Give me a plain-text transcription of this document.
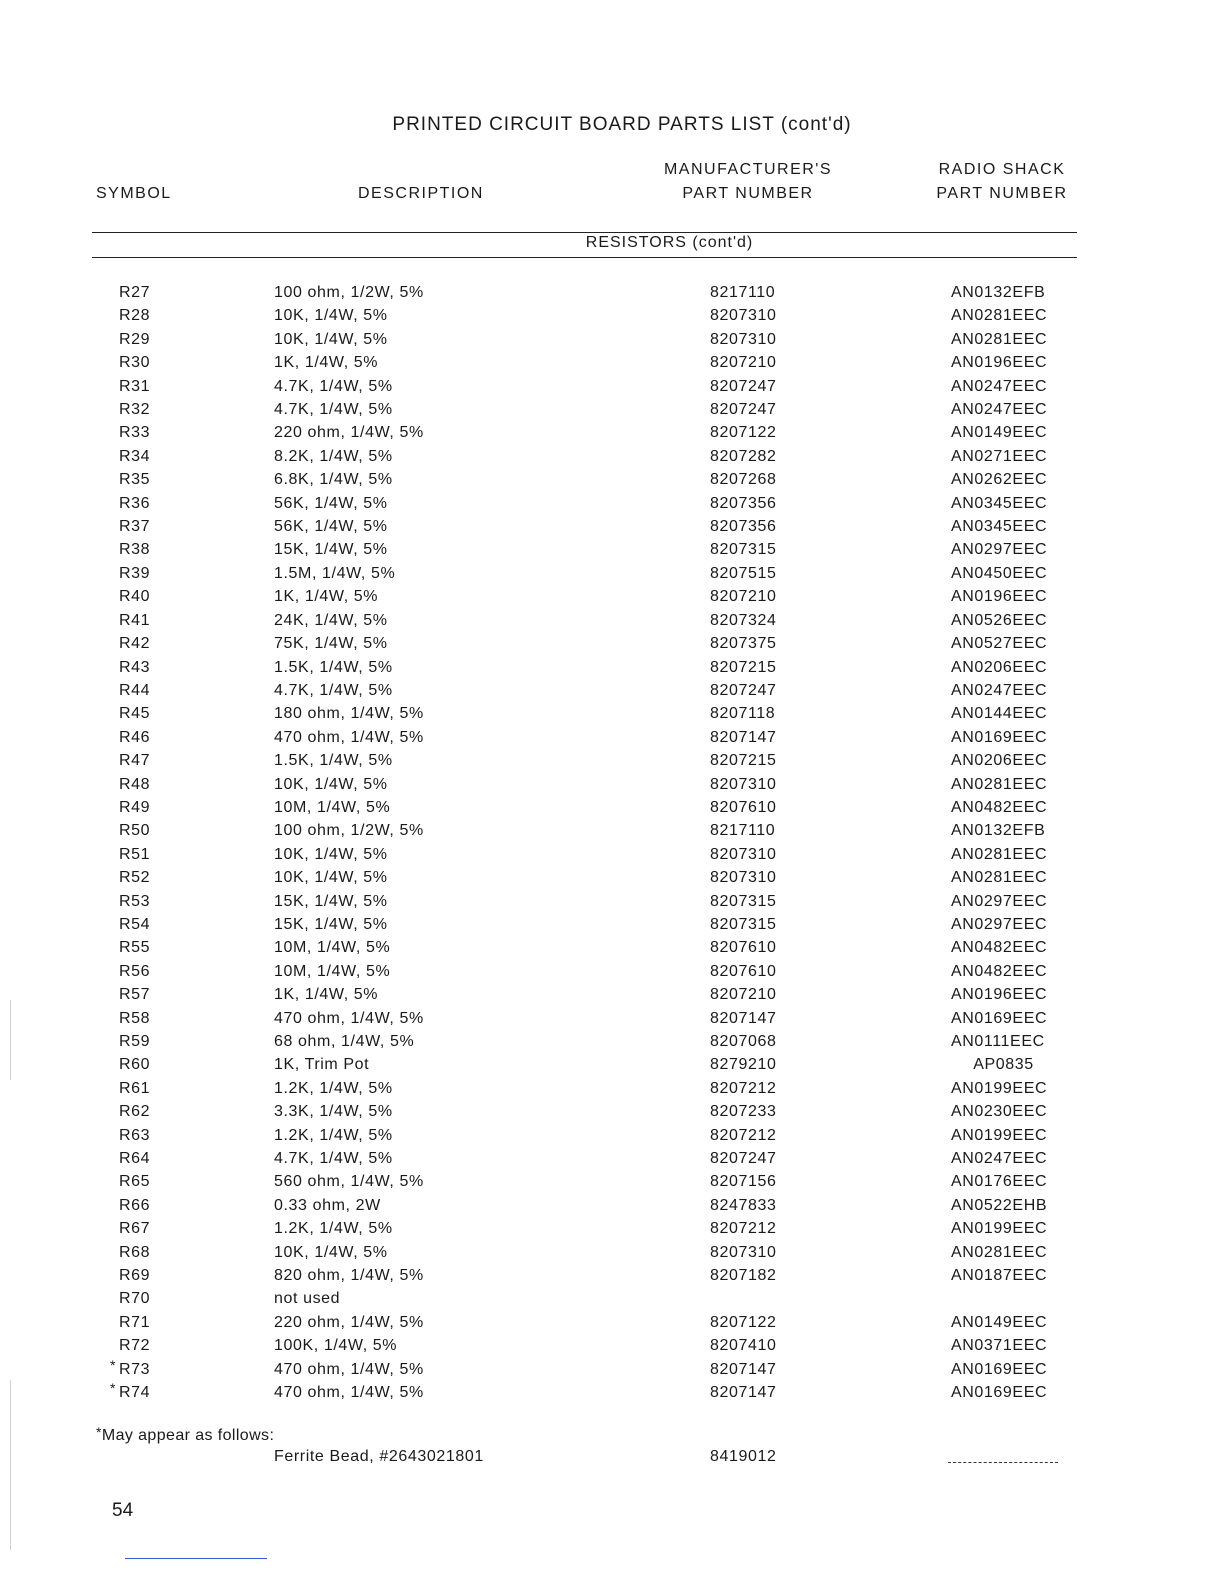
PRINTED CIRCUIT BOARD PARTS LIST (cont'd)
SYMBOL	DESCRIPTION
MANUFACTURER'S
PART NUMBER
RADIO SHACK
PART NUMBER
RESISTORS (cont'd)
R27	100 ohm, 1/2W, 5%	8217110	AN0132EFB
R28	10K, 1/4W, 5%	8207310	AN0281EEC
R29	10K, 1/4W, 5%	8207310	AN0281EEC
R30	1K, 1/4W, 5%	8207210	AN0196EEC
R31	4.7K, 1/4W, 5%	8207247	AN0247EEC
R32	4.7K, 1/4W, 5%	8207247	AN0247EEC
R33	220 ohm, 1/4W, 5%	8207122	AN0149EEC
R34	8.2K, 1/4W, 5%	8207282	AN0271EEC
R35	6.8K, 1/4W, 5%	8207268	AN0262EEC
R36	56K, 1/4W, 5%	8207356	AN0345EEC
R37	56K, 1/4W, 5%	8207356	AN0345EEC
R38	15K, 1/4W, 5%	8207315	AN0297EEC
R39	1.5M, 1/4W, 5%	8207515	AN0450EEC
R40	1K, 1/4W, 5%	8207210	AN0196EEC
R41	24K, 1/4W, 5%	8207324	AN0526EEC
R42	75K, 1/4W, 5%	8207375	AN0527EEC
R43	1.5K, 1/4W, 5%	8207215	AN0206EEC
R44	4.7K, 1/4W, 5%	8207247	AN0247EEC
R45	180 ohm, 1/4W, 5%	8207118	AN0144EEC
R46	470 ohm, 1/4W, 5%	8207147	AN0169EEC
R47	1.5K, 1/4W, 5%	8207215	AN0206EEC
R48	10K, 1/4W, 5%	8207310	AN0281EEC
R49	10M, 1/4W, 5%	8207610	AN0482EEC
R50	100 ohm, 1/2W, 5%	8217110	AN0132EFB
R51	10K, 1/4W, 5%	8207310	AN0281EEC
R52	10K, 1/4W, 5%	8207310	AN0281EEC
R53	15K, 1/4W, 5%	8207315	AN0297EEC
R54	15K, 1/4W, 5%	8207315	AN0297EEC
R55	10M, 1/4W, 5%	8207610	AN0482EEC
R56	10M, 1/4W, 5%	8207610	AN0482EEC
R57	1K, 1/4W, 5%	8207210	AN0196EEC
R58	470 ohm, 1/4W, 5%	8207147	AN0169EEC
R59	68 ohm, 1/4W, 5%	8207068	AN0111EEC
R60	1K, Trim Pot	8279210	AP0835
R61	1.2K, 1/4W, 5%	8207212	AN0199EEC
R62	3.3K, 1/4W, 5%	8207233	AN0230EEC
R63	1.2K, 1/4W, 5%	8207212	AN0199EEC
R64	4.7K, 1/4W, 5%	8207247	AN0247EEC
R65	560 ohm, 1/4W, 5%	8207156	AN0176EEC
R66	0.33 ohm, 2W	8247833	AN0522EHB
R67	1.2K, 1/4W, 5%	8207212	AN0199EEC
R68	10K, 1/4W, 5%	8207310	AN0281EEC
R69	820 ohm, 1/4W, 5%	8207182	AN0187EEC
R70	not used
R71	220 ohm, 1/4W, 5%	8207122	AN0149EEC
R72	100K, 1/4W, 5%	8207410	AN0371EEC
* R73	470 ohm, 1/4W, 5%	8207147	AN0169EEC
* R74	470 ohm, 1/4W, 5%	8207147	AN0169EEC
*May appear as follows:
Ferrite Bead, #2643021801	8419012
54
